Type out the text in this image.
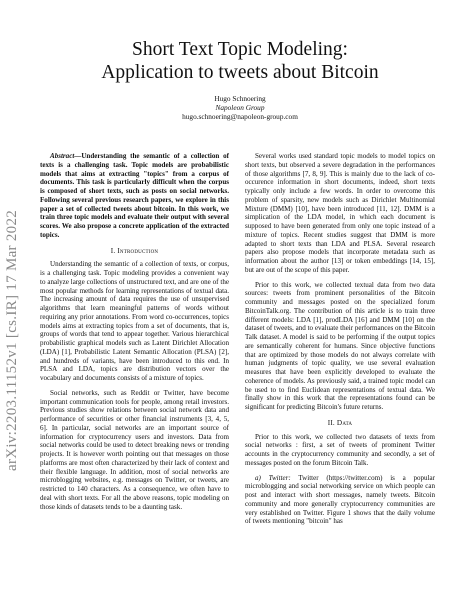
arXiv:2203.11152v1 [cs.IR] 17 Mar 2022
Short Text Topic Modeling:
Application to tweets about Bitcoin
Hugo Schnoering
Napoleon Group
hugo.schnoering@napoleon-group.com

Abstract—Understanding the semantic of a collection of texts is a challenging task. Topic models are probabilistic models that aims at extracting "topics" from a corpus of documents. This task is particularly difficult when the corpus is composed of short texts, such as posts on social networks. Following several previous research papers, we explore in this paper a set of collected tweets about bitcoin. In this work, we train three topic models and evaluate their output with several scores. We also propose a concrete application of the extracted topics.

I. Introduction

Understanding the semantic of a collection of texts, or corpus, is a challenging task. Topic modeling provides a convenient way to analyze large collections of unstructured text, and are one of the most popular methods for learning representations of textual data. The increasing amount of data requires the use of unsupervised algorithms that learn meaningful patterns of words without requiring any prior annotations. From word co-occurrences, topics models aims at extracting topics from a set of documents, that is, groups of words that tend to appear together. Various hierarchical probabilistic graphical models such as Latent Dirichlet Allocation (LDA) [1], Probabilistic Latent Semantic Allocation (PLSA) [2], and hundreds of variants, have been introduced to this end. In PLSA and LDA, topics are distribution vectors over the vocabulary and documents consists of a mixture of topics.

Social networks, such as Reddit or Twitter, have become important communication tools for people, among retail investors. Previous studies show relations between social network data and performance of securities or other financial instruments [3, 4, 5, 6]. In particular, social networks are an important source of information for cryptocurrency users and investors. Data from social networks could be used to detect breaking news or trending projects. It is however worth pointing out that messages on those platforms are most often characterized by their lack of context and their flexible language. In addition, most of social networks are microblogging websites, e.g. messages on Twitter, or tweets, are restricted to 140 characters. As a consequence, we often have to deal with short texts. For all the above reasons, topic modeling on those kinds of datasets tends to be a daunting task.

Several works used standard topic models to model topics on short texts, but observed a severe degradation in the performances of those algorithms [7, 8, 9]. This is mainly due to the lack of co-occurence information in short documents, indeed, short texts typically only include a few words. In order to overcome this problem of sparsity, new models such as Dirichlet Multinomial Mixture (DMM) [10], have been introduced [11, 12]. DMM is a simplication of the LDA model, in which each document is supposed to have been generated from only one topic instead of a mixture of topics. Recent studies suggest that DMM is more adapted to short texts than LDA and PLSA. Several research papers also propose models that incorporate metadata such as information about the author [13] or token embeddings [14, 15], but are out of the scope of this paper.

Prior to this work, we collected textual data from two data sources: tweets from prominent personalities of the Bitcoin community and messages posted on the specialized forum BitcoinTalk.org. The contribution of this article is to train three different models: LDA [1], prodLDA [16] and DMM [10] on the dataset of tweets, and to evaluate their performances on the Bitcoin Talk dataset. A model is said to be performing if the output topics are semantically coherent for humans. Since objective functions that are optimized by those models do not always correlate with human judgments of topic quality, we use several evaluation measures that have been explicitly developed to evaluate the coherence of models. As previously said, a trained topic model can be used to to find Euclidean representations of textual data. We finally show in this work that the representations found can be significant for predicting Bitcoin's future returns.

II. Data

Prior to this work, we collected two datasets of texts from social networks : first, a set of tweets of prominent Twitter accounts in the cryptocurrency community and secondly, a set of messages posted on the forum Bitcoin Talk.

a) Twitter: Twitter (https://twitter.com) is a popular microblogging and social networking service on which people can post and interact with short messages, namely tweets. Bitcoin community and more generally cryptocurrency communities are very established on Twitter. Figure 1 shows that the daily volume of tweets mentioning "bitcoin" has
